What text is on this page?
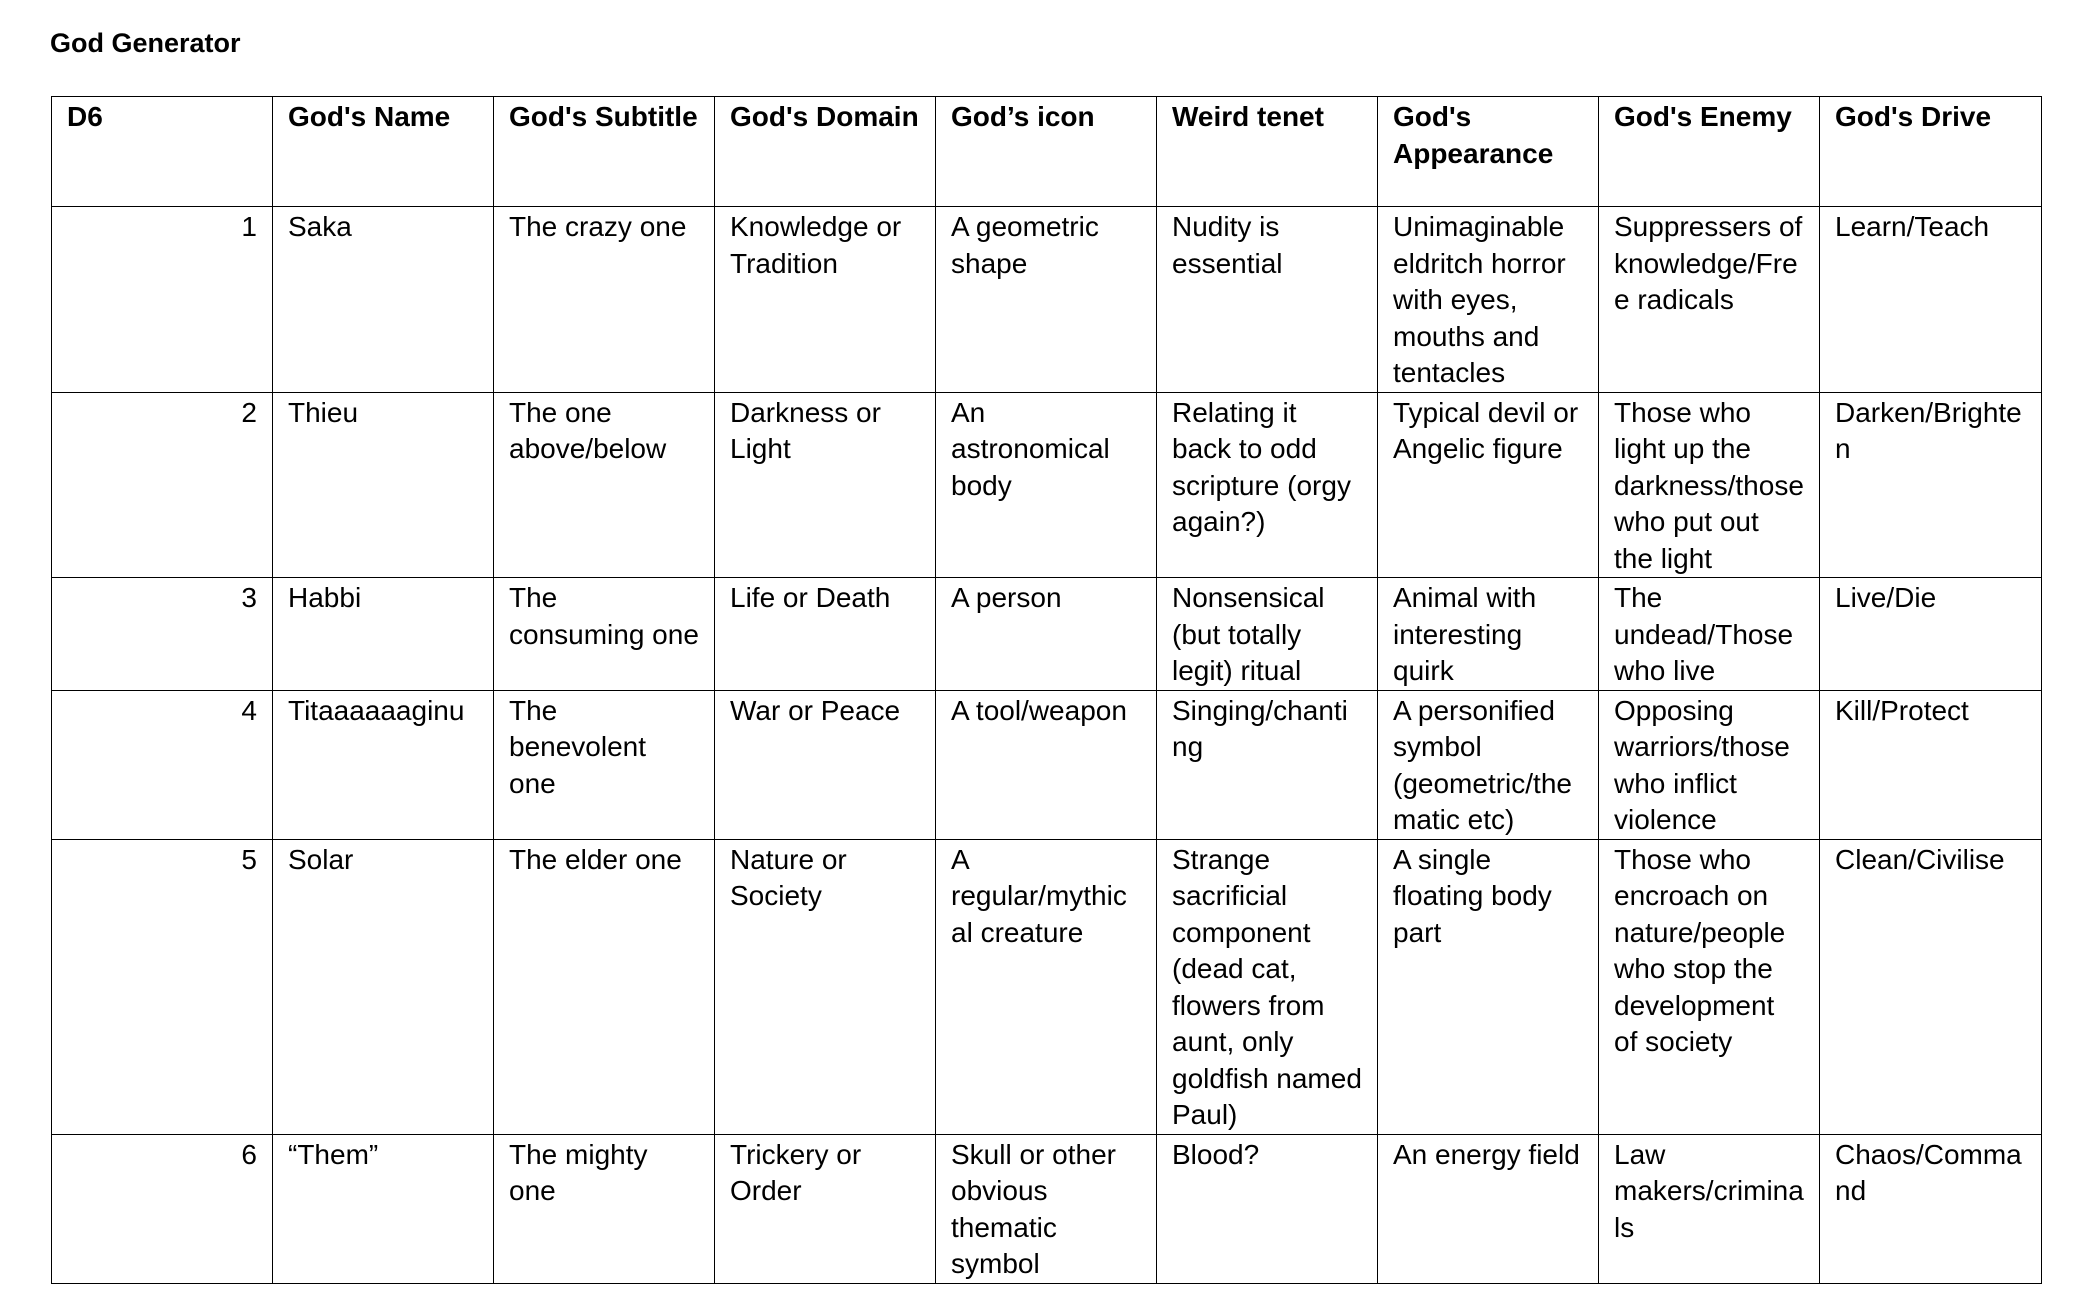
God Generator
D6	God's Name	God's Subtitle	God's Domain	God’s icon	Weird tenet	God's Appearance	God's Enemy	God's Drive
1	Saka	The crazy one	Knowledge or Tradition	A geometric shape	Nudity is essential	Unimaginable eldritch horror with eyes, mouths and tentacles	Suppressers of knowledge/Free radicals	Learn/Teach
2	Thieu	The one above/below	Darkness or Light	An astronomical body	Relating it back to odd scripture (orgy again?)	Typical devil or Angelic figure	Those who light up the darkness/those who put out the light	Darken/Brighten
3	Habbi	The consuming one	Life or Death	A person	Nonsensical (but totally legit) ritual	Animal with interesting quirk	The undead/Those who live	Live/Die
4	Titaaaaaaginu	The benevolent one	War or Peace	A tool/weapon	Singing/chanting	A personified symbol (geometric/thematic etc)	Opposing warriors/those who inflict violence	Kill/Protect
5	Solar	The elder one	Nature or Society	A regular/mythical creature	Strange sacrificial component (dead cat, flowers from aunt, only goldfish named Paul)	A single floating body part	Those who encroach on nature/people who stop the development of society	Clean/Civilise
6	“Them”	The mighty one	Trickery or Order	Skull or other obvious thematic symbol	Blood?	An energy field	Law makers/criminals	Chaos/Command
